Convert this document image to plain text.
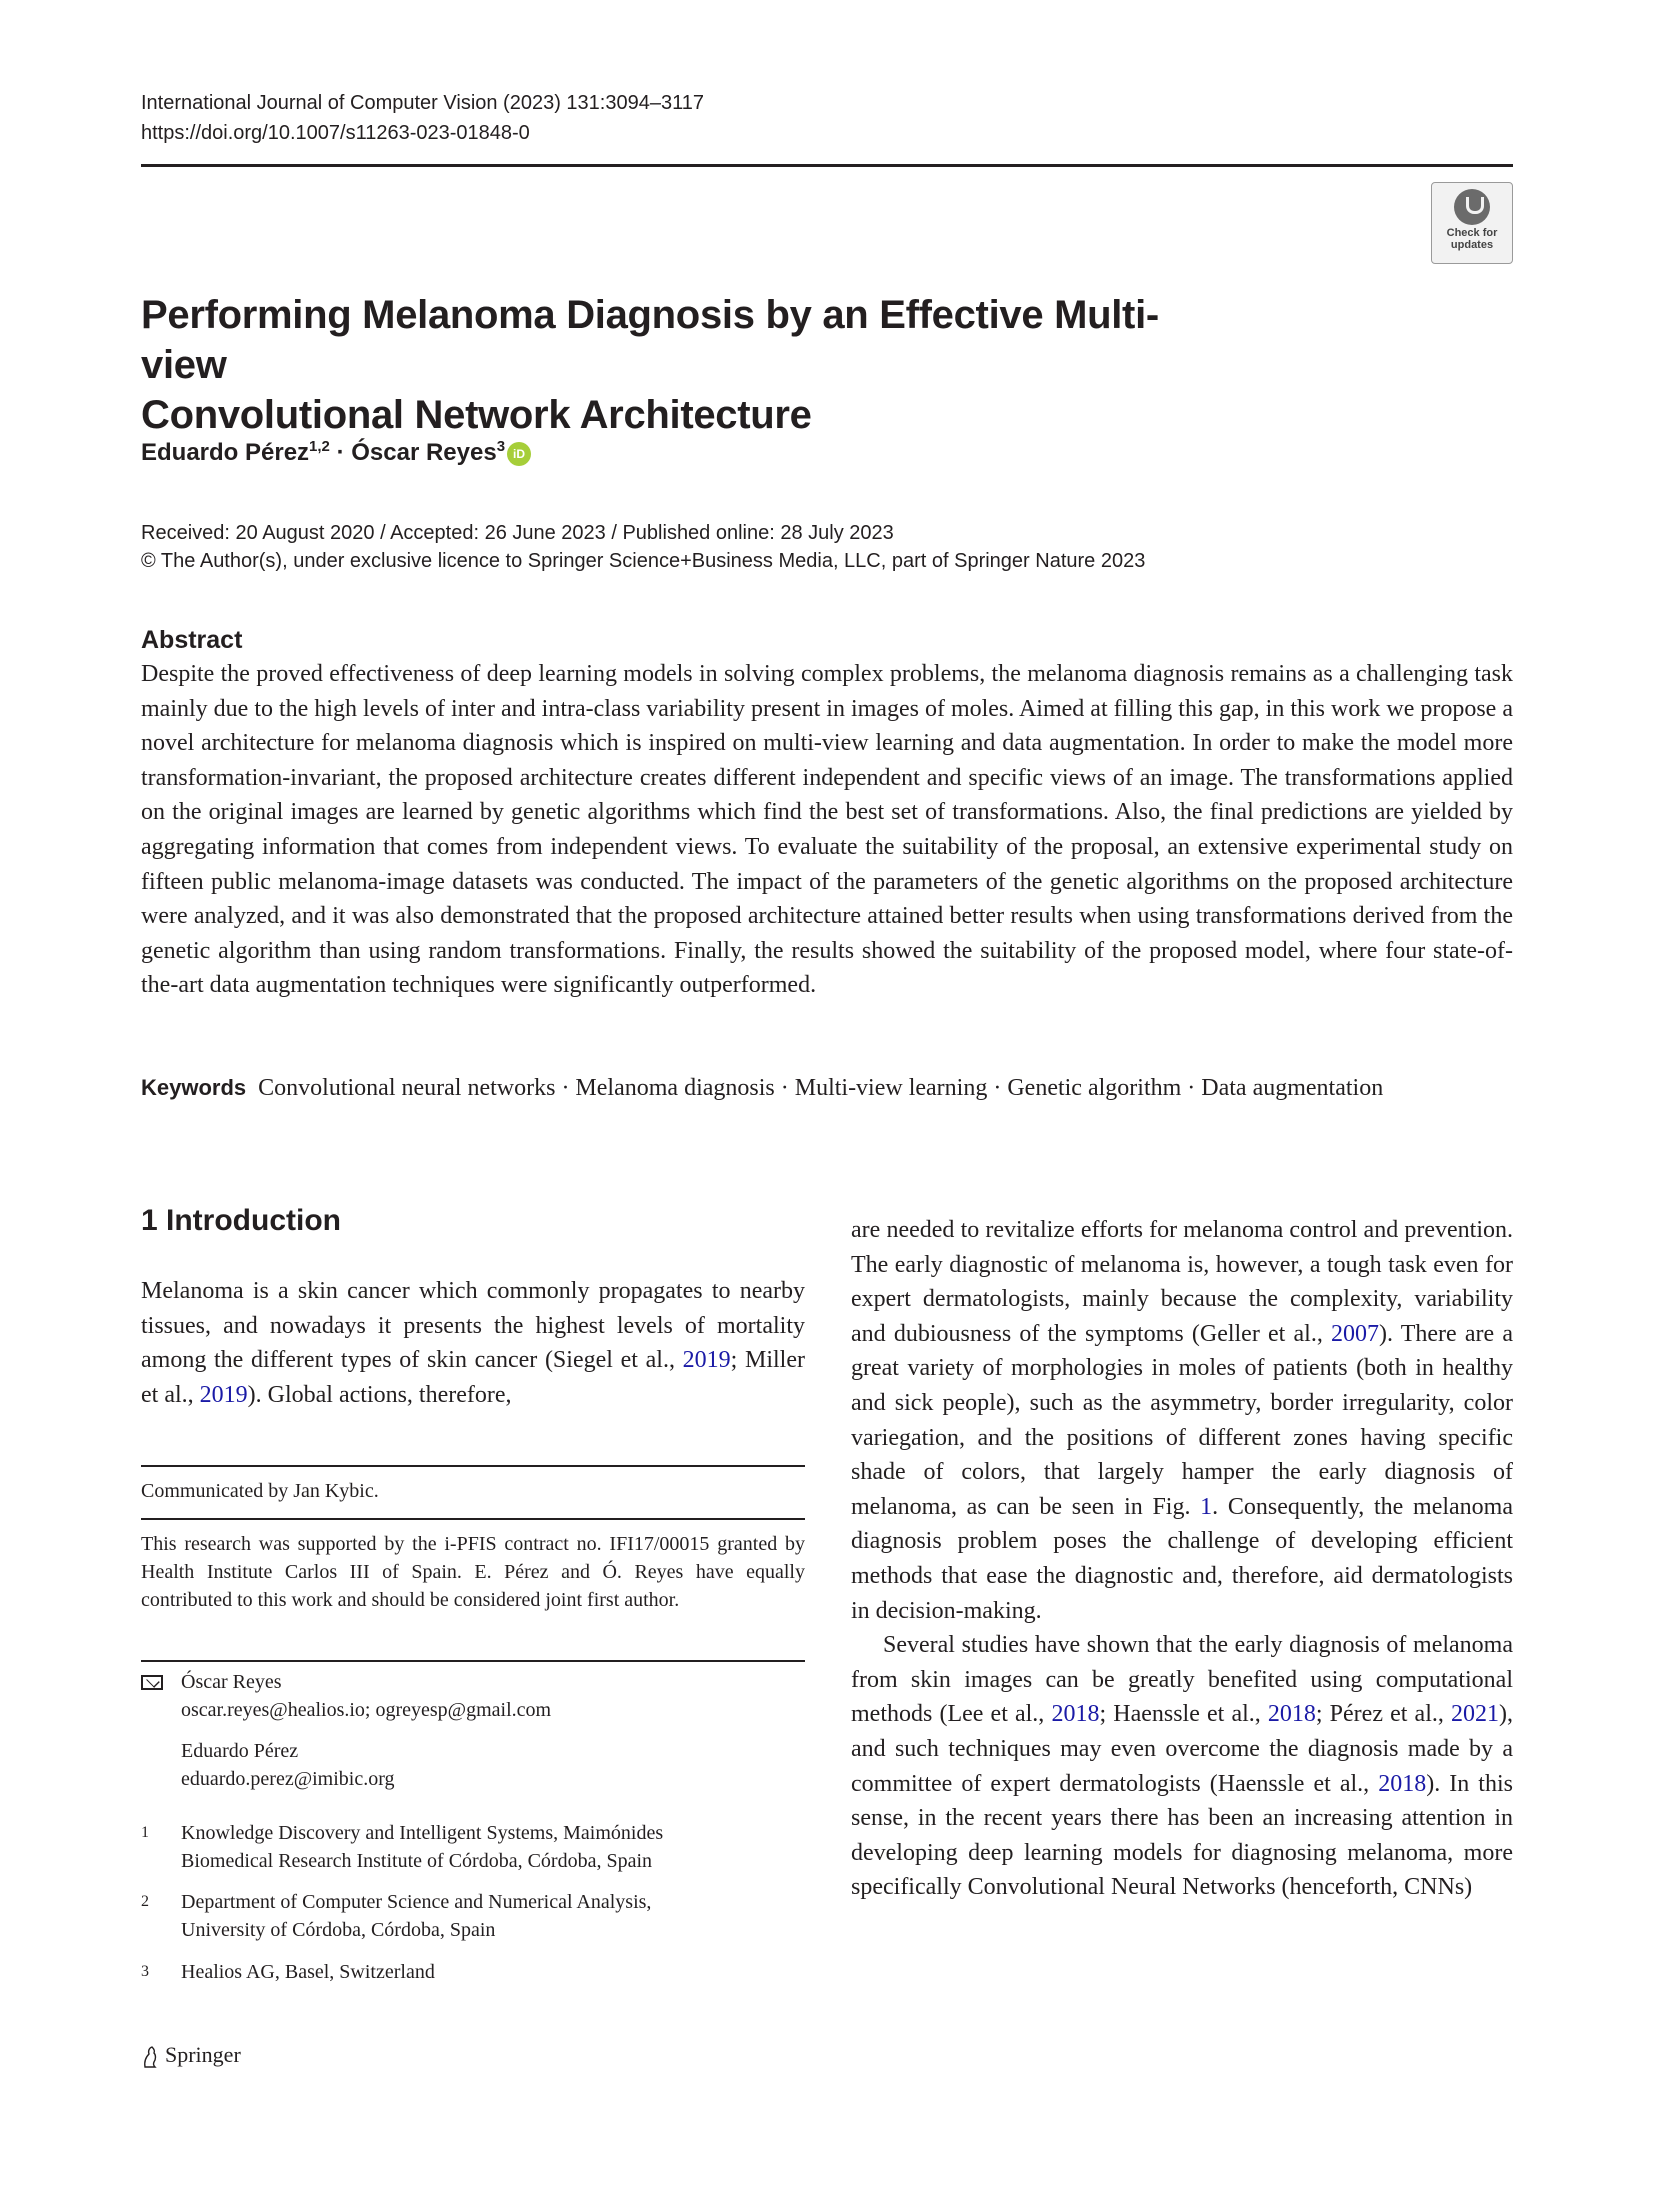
International Journal of Computer Vision (2023) 131:3094–3117
https://doi.org/10.1007/s11263-023-01848-0
Check for
updates
Performing Melanoma Diagnosis by an Effective Multi-view
Convolutional Network Architecture
Eduardo Pérez$^{1,2}$ · Óscar Reyes$^3$ iD
Received: 20 August 2020 / Accepted: 26 June 2023 / Published online: 28 July 2023
© The Author(s), under exclusive licence to Springer Science+Business Media, LLC, part of Springer Nature 2023
Abstract
Despite the proved effectiveness of deep learning models in solving complex problems, the melanoma diagnosis remains as a challenging task mainly due to the high levels of inter and intra-class variability present in images of moles. Aimed at filling this gap, in this work we propose a novel architecture for melanoma diagnosis which is inspired on multi-view learning and data augmentation. In order to make the model more transformation-invariant, the proposed architecture creates different independent and specific views of an image. The transformations applied on the original images are learned by genetic algorithms which find the best set of transformations. Also, the final predictions are yielded by aggregating information that comes from independent views. To evaluate the suitability of the proposal, an extensive experimental study on fifteen public melanoma-image datasets was conducted. The impact of the parameters of the genetic algorithms on the proposed architecture were analyzed, and it was also demonstrated that the proposed architecture attained better results when using transformations derived from the genetic algorithm than using random transformations. Finally, the results showed the suitability of the proposed model, where four state-of-the-art data augmentation techniques were significantly outperformed.
Keywords Convolutional neural networks · Melanoma diagnosis · Multi-view learning · Genetic algorithm · Data augmentation
1 Introduction
Melanoma is a skin cancer which commonly propagates to nearby tissues, and nowadays it presents the highest levels of mortality among the different types of skin cancer (Siegel et al., 2019; Miller et al., 2019). Global actions, therefore,

are needed to revitalize efforts for melanoma control and prevention. The early diagnostic of melanoma is, however, a tough task even for expert dermatologists, mainly because the complexity, variability and dubiousness of the symptoms (Geller et al., 2007). There are a great variety of morphologies in moles of patients (both in healthy and sick people), such as the asymmetry, border irregularity, color variegation, and the positions of different zones having specific shade of colors, that largely hamper the early diagnosis of melanoma, as can be seen in Fig. 1. Consequently, the melanoma diagnosis problem poses the challenge of developing efficient methods that ease the diagnostic and, therefore, aid dermatologists in decision-making.

Several studies have shown that the early diagnosis of melanoma from skin images can be greatly benefited using computational methods (Lee et al., 2018; Haenssle et al., 2018; Pérez et al., 2021), and such techniques may even overcome the diagnosis made by a committee of expert dermatologists (Haenssle et al., 2018). In this sense, in the recent years there has been an increasing attention in developing deep learning models for diagnosing melanoma, more specifically Convolutional Neural Networks (henceforth, CNNs)

Communicated by Jan Kybic.
This research was supported by the i-PFIS contract no. IFI17/00015 granted by Health Institute Carlos III of Spain. E. Pérez and Ó. Reyes have equally contributed to this work and should be considered joint first author.
Óscar Reyes
oscar.reyes@healios.io; ogreyesp@gmail.com
Eduardo Pérez
eduardo.perez@imibic.org
1 Knowledge Discovery and Intelligent Systems, Maimónides
Biomedical Research Institute of Córdoba, Córdoba, Spain
2 Department of Computer Science and Numerical Analysis,
University of Córdoba, Córdoba, Spain
3 Healios AG, Basel, Switzerland
Springer
